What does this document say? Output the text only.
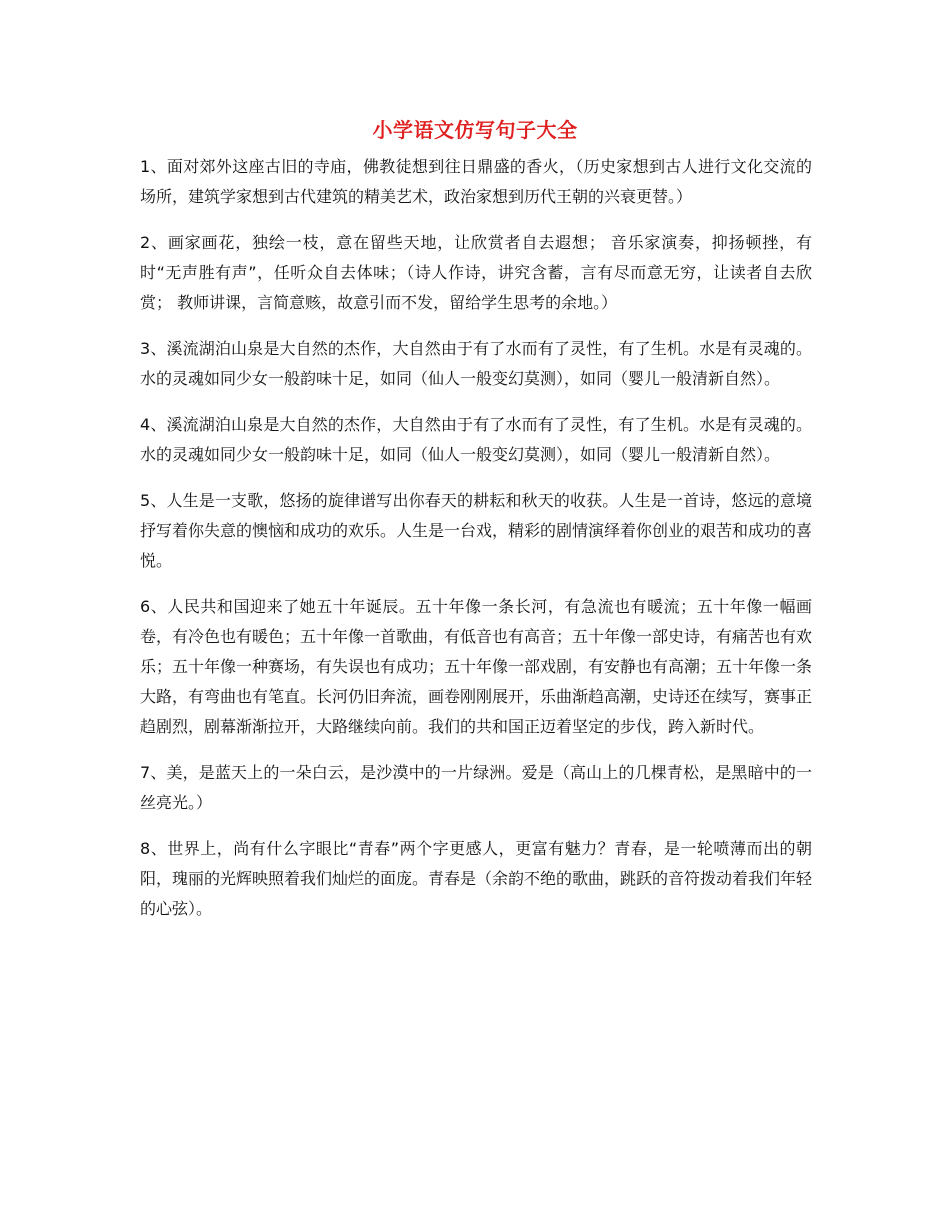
小学语文仿写句子大全

1、面对郊外这座古旧的寺庙，佛教徒想到往日鼎盛的香火，（历史家想到古人进行文化交流的场所，建筑学家想到古代建筑的精美艺术，政治家想到历代王朝的兴衰更替。）

2、画家画花，独绘一枝，意在留些天地，让欣赏者自去遐想； 音乐家演奏，抑扬顿挫，有时“无声胜有声”，任听众自去体味；（诗人作诗，讲究含蓄，言有尽而意无穷，让读者自去欣赏； 教师讲课，言简意赅，故意引而不发，留给学生思考的余地。）

3、溪流湖泊山泉是大自然的杰作，大自然由于有了水而有了灵性，有了生机。水是有灵魂的。水的灵魂如同少女一般韵味十足，如同（仙人一般变幻莫测），如同（婴儿一般清新自然）。

4、溪流湖泊山泉是大自然的杰作，大自然由于有了水而有了灵性，有了生机。水是有灵魂的。水的灵魂如同少女一般韵味十足，如同（仙人一般变幻莫测），如同（婴儿一般清新自然）。

5、人生是一支歌，悠扬的旋律谱写出你春天的耕耘和秋天的收获。人生是一首诗，悠远的意境抒写着你失意的懊恼和成功的欢乐。人生是一台戏，精彩的剧情演绎着你创业的艰苦和成功的喜悦。

6、人民共和国迎来了她五十年诞辰。五十年像一条长河，有急流也有暖流；五十年像一幅画卷，有冷色也有暖色；五十年像一首歌曲，有低音也有高音；五十年像一部史诗，有痛苦也有欢乐；五十年像一种赛场，有失误也有成功；五十年像一部戏剧，有安静也有高潮；五十年像一条大路，有弯曲也有笔直。长河仍旧奔流，画卷刚刚展开，乐曲渐趋高潮，史诗还在续写，赛事正趋剧烈，剧幕渐渐拉开，大路继续向前。我们的共和国正迈着坚定的步伐，跨入新时代。

7、美，是蓝天上的一朵白云，是沙漠中的一片绿洲。爱是（高山上的几棵青松，是黑暗中的一丝亮光。）

8、世界上，尚有什么字眼比“青春”两个字更感人，更富有魅力？青春，是一轮喷薄而出的朝阳，瑰丽的光辉映照着我们灿烂的面庞。青春是（余韵不绝的歌曲，跳跃的音符拨动着我们年轻的心弦）。
